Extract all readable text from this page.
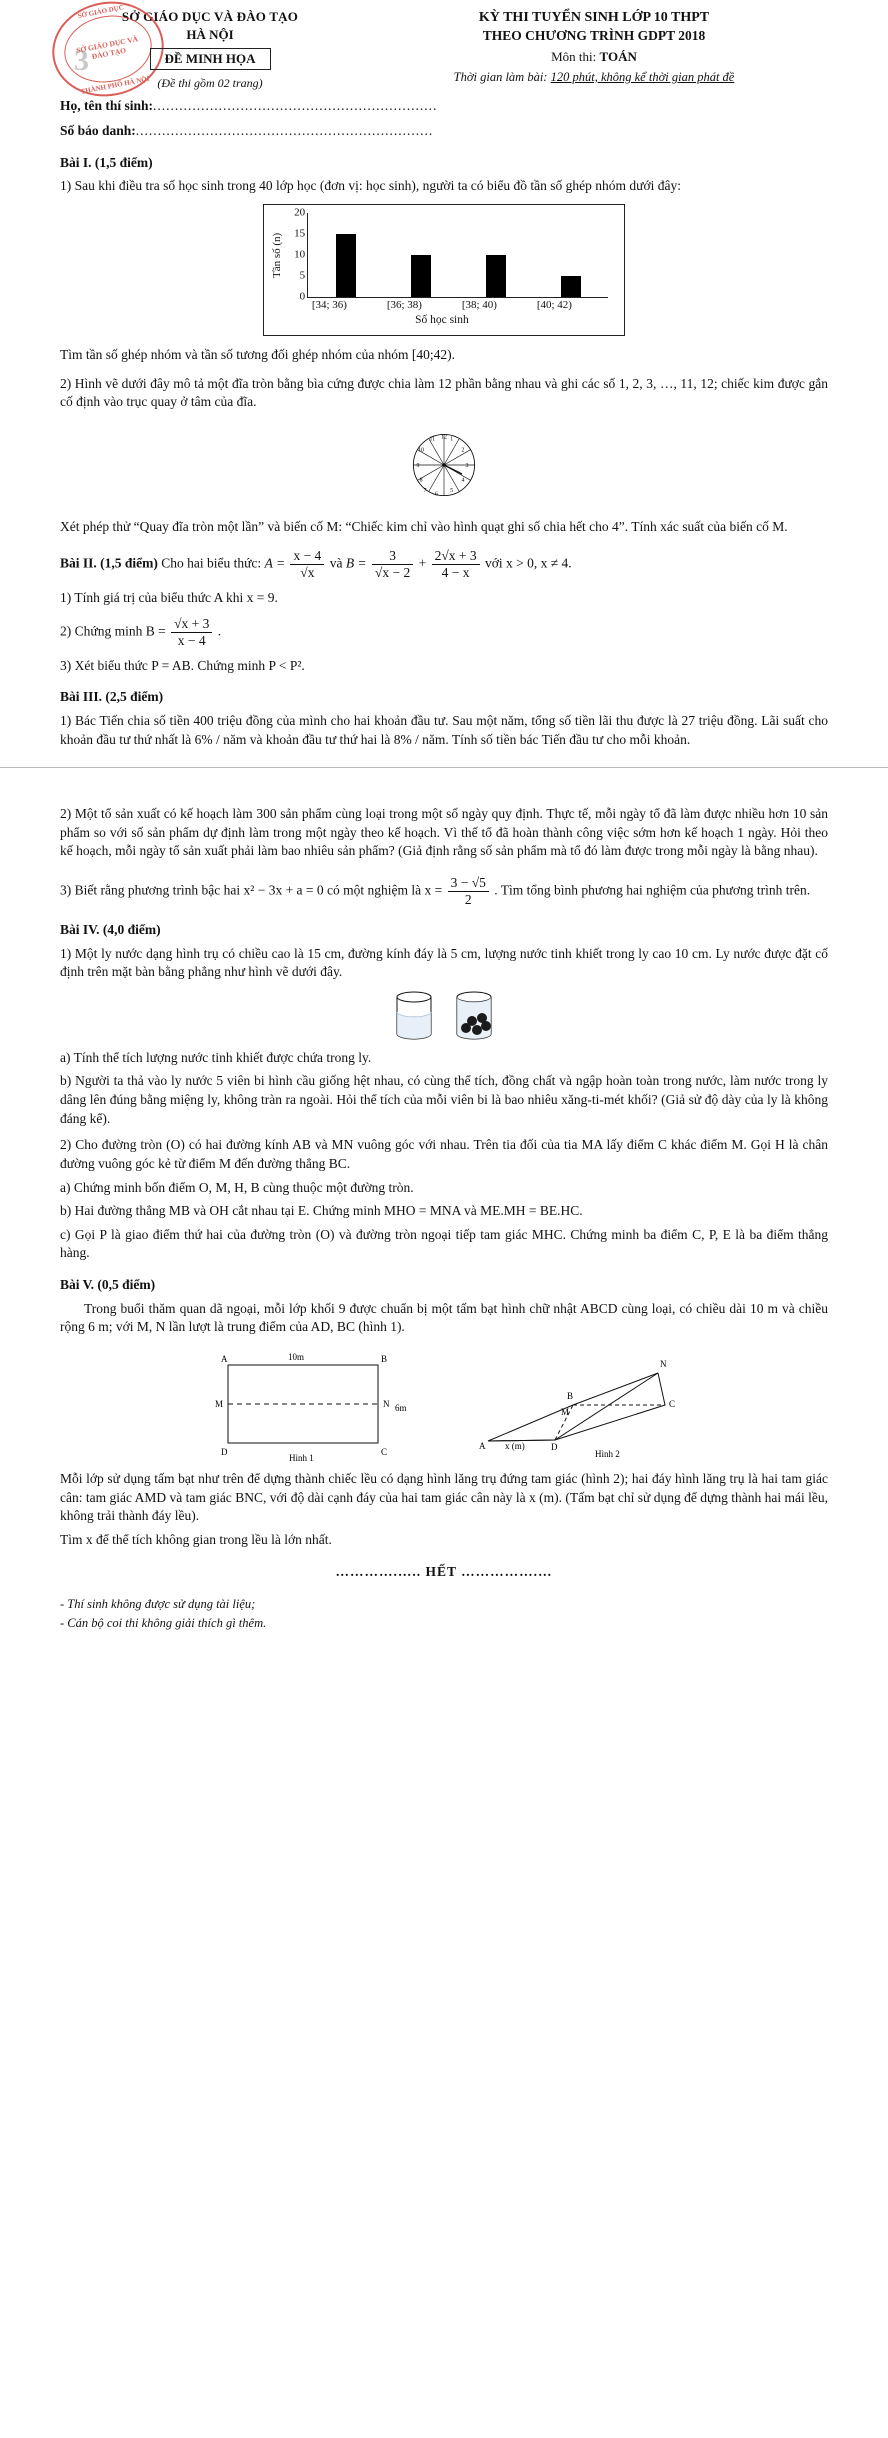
3
SỞ GIÁO DỤC
SỞ GIÁO DỤC VÀ ĐÀO TẠO
THÀNH PHỐ HÀ NỘI
SỞ GIÁO DỤC VÀ ĐÀO TẠO
HÀ NỘI
ĐỀ MINH HỌA
(Đề thi gồm 02 trang)
KỲ THI TUYỂN SINH LỚP 10 THPT
THEO CHƯƠNG TRÌNH GDPT 2018
Môn thi: TOÁN
Thời gian làm bài: 120 phút, không kể thời gian phát đề
Họ, tên thí sinh:.................................................................
Số báo danh:....................................................................
Bài I. (1,5 điểm)

1) Sau khi điều tra số học sinh trong 40 lớp học (đơn vị: học sinh), người ta có biểu đồ tần số ghép nhóm dưới đây:

Tần số (n)
20
15
10
5
0
[34; 36)	[36; 38)	[38; 40)	[40; 42)
Số học sinh

Tìm tần số ghép nhóm và tần số tương đối ghép nhóm của nhóm [40;42).

2) Hình vẽ dưới đây mô tả một đĩa tròn bằng bìa cứng được chia làm 12 phần bằng nhau và ghi các số 1, 2, 3, …, 11, 12; chiếc kim được gắn cố định vào trục quay ở tâm của đĩa.

1
2
3
4
5
6
7
8
9
10
11 12

Xét phép thử “Quay đĩa tròn một lần” và biến cố M: “Chiếc kim chỉ vào hình quạt ghi số chia hết cho 4”. Tính xác suất của biến cố M.

Bài II. (1,5 điểm) Cho hai biểu thức: $A = \frac{x - 4}{√x}$ và $B = \frac{3}{√x - 2} + \frac{2√x + 3}{4 - x}$ với x > 0, x ≠ 4.

1) Tính giá trị của biểu thức A khi x = 9.

2) Chứng minh $B = \frac{√x + 3}{x - 4}$ .

3) Xét biểu thức P = AB. Chứng minh P < P².

Bài III. (2,5 điểm)

1) Bác Tiến chia số tiền 400 triệu đồng của mình cho hai khoản đầu tư. Sau một năm, tổng số tiền lãi thu được là 27 triệu đồng. Lãi suất cho khoản đầu tư thứ nhất là 6% / năm và khoản đầu tư thứ hai là 8% / năm. Tính số tiền bác Tiến đầu tư cho mỗi khoản.

2) Một tổ sản xuất có kế hoạch làm 300 sản phẩm cùng loại trong một số ngày quy định. Thực tế, mỗi ngày tổ đã làm được nhiều hơn 10 sản phẩm so với số sản phẩm dự định làm trong một ngày theo kế hoạch. Vì thế tổ đã hoàn thành công việc sớm hơn kế hoạch 1 ngày. Hỏi theo kế hoạch, mỗi ngày tổ sản xuất phải làm bao nhiêu sản phẩm? (Giả định rằng số sản phẩm mà tổ đó làm được trong mỗi ngày là bằng nhau).

3) Biết rằng phương trình bậc hai x² − 3x + a = 0 có một nghiệm là $x = \frac{3 - √5}{2}$ . Tìm tổng bình phương hai nghiệm của phương trình trên.

Bài IV. (4,0 điểm)

1) Một ly nước dạng hình trụ có chiều cao là 15 cm, đường kính đáy là 5 cm, lượng nước tinh khiết trong ly cao 10 cm. Ly nước được đặt cố định trên mặt bàn bằng phẳng như hình vẽ dưới đây.

a) Tính thể tích lượng nước tinh khiết được chứa trong ly.

b) Người ta thả vào ly nước 5 viên bi hình cầu giống hệt nhau, có cùng thể tích, đồng chất và ngập hoàn toàn trong nước, làm nước trong ly dâng lên đúng bằng miệng ly, không tràn ra ngoài. Hỏi thể tích của mỗi viên bi là bao nhiêu xăng-ti-mét khối? (Giả sử độ dày của ly là không đáng kể).

2) Cho đường tròn (O) có hai đường kính AB và MN vuông góc với nhau. Trên tia đối của tia MA lấy điểm C khác điểm M. Gọi H là chân đường vuông góc kẻ từ điểm M đến đường thẳng BC.

a) Chứng minh bốn điểm O, M, H, B cùng thuộc một đường tròn.

b) Hai đường thẳng MB và OH cắt nhau tại E. Chứng minh MHO = MNA và ME.MH = BE.HC.

c) Gọi P là giao điểm thứ hai của đường tròn (O) và đường tròn ngoại tiếp tam giác MHC. Chứng minh ba điểm C, P, E là ba điểm thẳng hàng.

Bài V. (0,5 điểm)

Trong buổi thăm quan dã ngoại, mỗi lớp khối 9 được chuẩn bị một tấm bạt hình chữ nhật ABCD cùng loại, có chiều dài 10 m và chiều rộng 6 m; với M, N lần lượt là trung điểm của AD, BC (hình 1).

A	B
D	C
M	N
10m
6m
Hình 1
A	D
N
C
B
M
x (m)
Hình 2

Mỗi lớp sử dụng tấm bạt như trên để dựng thành chiếc lều có dạng hình lăng trụ đứng tam giác (hình 2); hai đáy hình lăng trụ là hai tam giác cân: tam giác AMD và tam giác BNC, với độ dài cạnh đáy của hai tam giác cân này là x (m). (Tấm bạt chỉ sử dụng để dựng thành hai mái lều, không trải thành đáy lều).

Tìm x để thể tích không gian trong lều là lớn nhất.

………….….. HẾT …………….…
- Thí sinh không được sử dụng tài liệu;
- Cán bộ coi thi không giải thích gì thêm.
